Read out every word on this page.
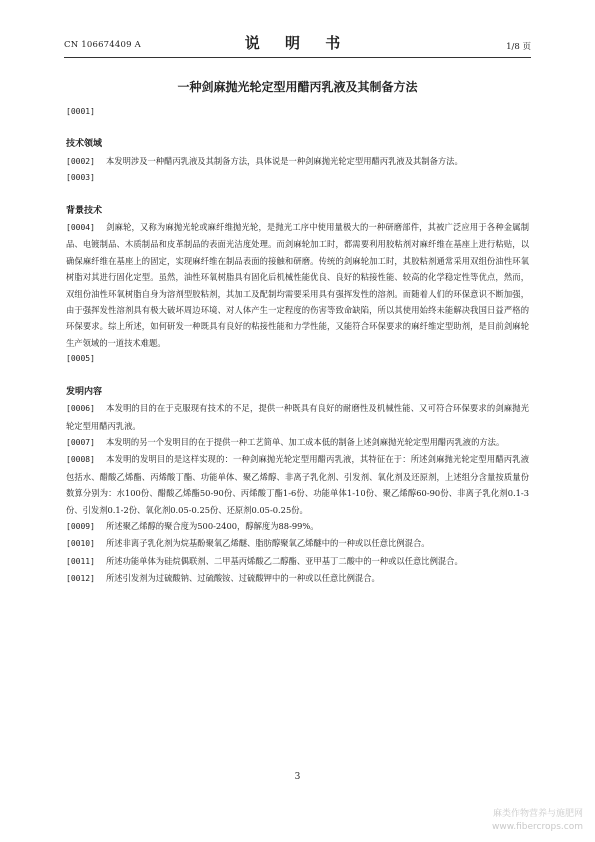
CN 106674409 A	说 明 书	1/8 页
一种剑麻抛光轮定型用醋丙乳液及其制备方法

[0001]

技术领域

[0002] 本发明涉及一种醋丙乳液及其制备方法，具体说是一种剑麻抛光轮定型用醋丙乳液及其制备方法。

[0003]

背景技术

[0004] 剑麻轮，又称为麻抛光轮或麻纤维抛光轮，是抛光工序中使用量极大的一种研磨部件，其被广泛应用于各种金属制品、电镀制品、木质制品和皮革制品的表面光洁度处理。而剑麻轮加工时，都需要利用胶粘剂对麻纤维在基座上进行粘贴，以确保麻纤维在基座上的固定，实现麻纤维在制品表面的接触和研磨。传统的剑麻轮加工时，其胶粘剂通常采用双组份油性环氧树脂对其进行固化定型。虽然，油性环氧树脂具有固化后机械性能优良、良好的粘接性能、较高的化学稳定性等优点，然而，双组份油性环氧树脂自身为溶剂型胶粘剂，其加工及配制均需要采用具有强挥发性的溶剂。而随着人们的环保意识不断加强，由于强挥发性溶剂具有极大破坏周边环境、对人体产生一定程度的伤害等致命缺陷，所以其使用始终未能解决我国日益严格的环保要求。综上所述，如何研发一种既具有良好的粘接性能和力学性能，又能符合环保要求的麻纤维定型助剂，是目前剑麻轮生产领域的一道技术难题。

[0005]

发明内容

[0006] 本发明的目的在于克服现有技术的不足，提供一种既具有良好的耐磨性及机械性能、又可符合环保要求的剑麻抛光轮定型用醋丙乳液。

[0007] 本发明的另一个发明目的在于提供一种工艺简单、加工成本低的制备上述剑麻抛光轮定型用醋丙乳液的方法。

[0008] 本发明的发明目的是这样实现的：一种剑麻抛光轮定型用醋丙乳液，其特征在于：所述剑麻抛光轮定型用醋丙乳液包括水、醋酸乙烯酯、丙烯酸丁酯、功能单体、聚乙烯醇、非离子乳化剂、引发剂、氧化剂及还原剂，上述组分含量按质量份数算分别为：水100份、醋酸乙烯酯50-90份、丙烯酸丁酯1-6份、功能单体1-10份、聚乙烯醇60-90份、非离子乳化剂0.1-3份、引发剂0.1-2份、氧化剂0.05-0.25份、还原剂0.05-0.25份。

[0009] 所述聚乙烯醇的聚合度为500-2400，醇解度为88-99%。

[0010] 所述非离子乳化剂为烷基酚聚氧乙烯醚、脂肪醇聚氧乙烯醚中的一种或以任意比例混合。

[0011] 所述功能单体为硅烷偶联剂、二甲基丙烯酸乙二醇酯、亚甲基丁二酸中的一种或以任意比例混合。

[0012] 所述引发剂为过硫酸钠、过硫酸铵、过硫酸钾中的一种或以任意比例混合。

3
麻类作物营养与施肥网
www.fibercrops.com
